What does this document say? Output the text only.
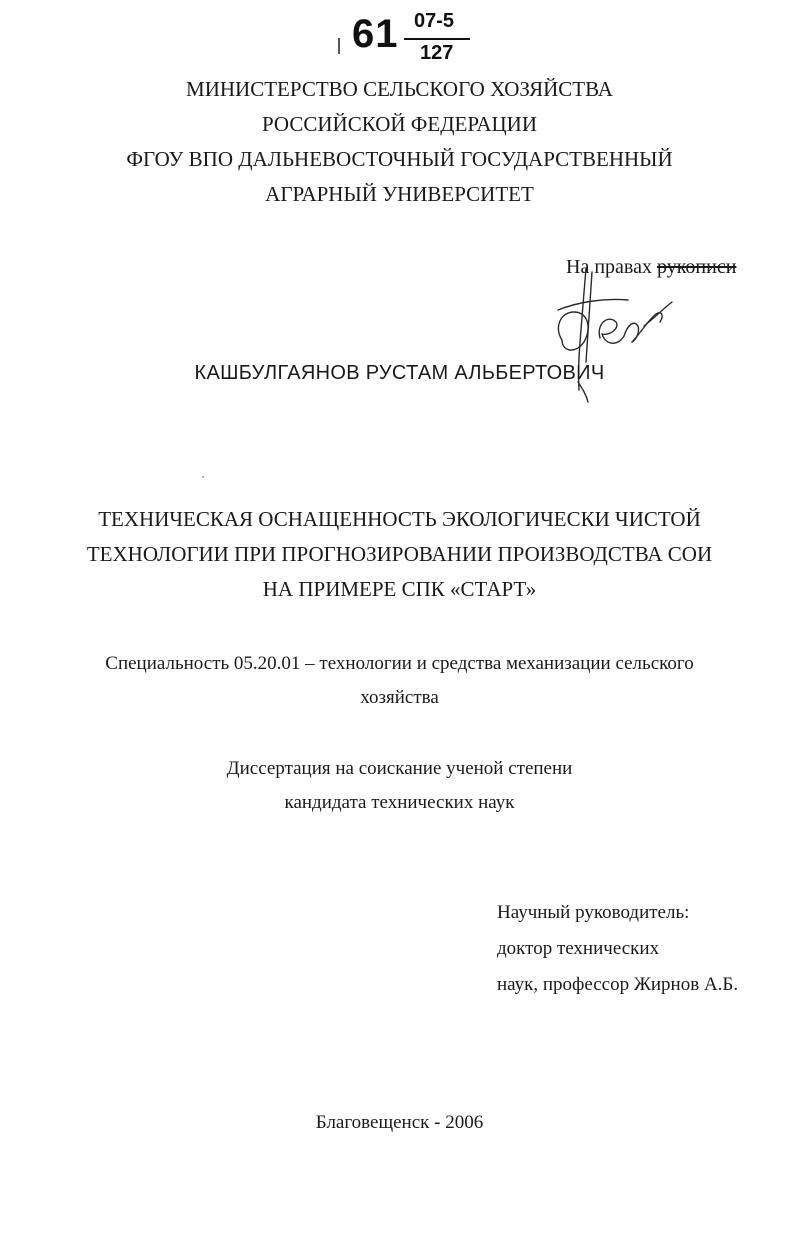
61 07-5
127
МИНИСТЕРСТВО СЕЛЬСКОГО ХОЗЯЙСТВА
РОССИЙСКОЙ ФЕДЕРАЦИИ
ФГОУ ВПО ДАЛЬНЕВОСТОЧНЫЙ ГОСУДАРСТВЕННЫЙ
АГРАРНЫЙ УНИВЕРСИТЕТ
На правах рукописи
КАШБУЛГАЯНОВ РУСТАМ АЛЬБЕРТОВИЧ
ТЕХНИЧЕСКАЯ ОСНАЩЕННОСТЬ ЭКОЛОГИЧЕСКИ ЧИСТОЙ
ТЕХНОЛОГИИ ПРИ ПРОГНОЗИРОВАНИИ ПРОИЗВОДСТВА СОИ
НА ПРИМЕРЕ СПК «СТАРТ»
Специальность 05.20.01 – технологии и средства механизации сельского
хозяйства
Диссертация на соискание ученой степени
кандидата технических наук
Научный руководитель:
доктор технических
наук, профессор Жирнов А.Б.
Благовещенск - 2006
